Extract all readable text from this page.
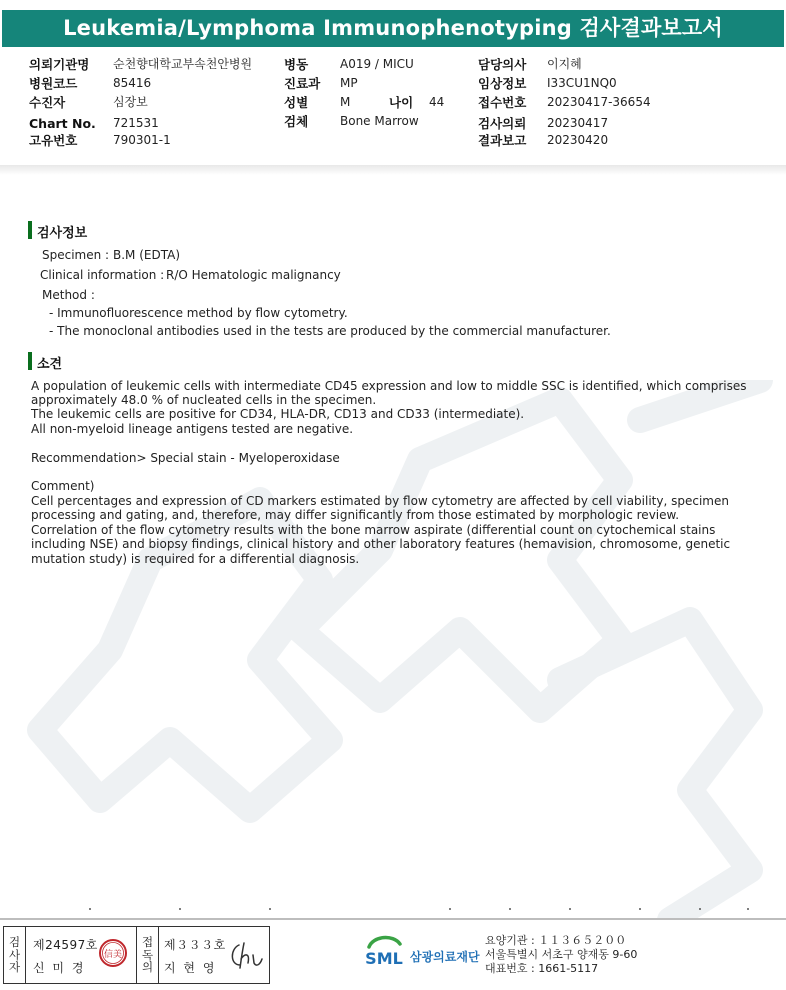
Leukemia/Lymphoma Immunophenotyping 검사결과보고서
의뢰기관명 순천향대학교부속천안병원
병원코드	85416
수진자	심장보
Chart No. 721531
고유번호	790301-1
병동	A019 / MICU
진료과 MP
성별	M	나이 44
검체	Bone Marrow
담당의사 이지혜
임상정보 I33CU1NQ0
접수번호 20230417-36654
검사의뢰 20230417
결과보고 20230420
검사정보
Specimen : B.M (EDTA)
Clinical information : R/O Hematologic malignancy
Method :
- Immunofluorescence method by flow cytometry.
- The monoclonal antibodies used in the tests are produced by the commercial manufacturer.
소견
A population of leukemic cells with intermediate CD45 expression and low to middle SSC is identified, which comprises approximately 48.0 % of nucleated cells in the specimen.
The leukemic cells are positive for CD34, HLA-DR, CD13 and CD33 (intermediate).
All non-myeloid lineage antigens tested are negative.
Recommendation> Special stain - Myeloperoxidase
Comment)
Cell percentages and expression of CD markers estimated by flow cytometry are affected by cell viability, specimen processing and gating, and, therefore, may differ significantly from those estimated by morphologic review.
Correlation of the flow cytometry results with the bone marrow aspirate (differential count on cytochemical stains including NSE) and biopsy findings, clinical history and other laboratory features (hemavision, chromosome, genetic mutation study) is required for a differential diagnosis.
검
사
자
제24597호
신 미 경
信美
접
독
의
제３３３호
지 현 영	SML 삼광의료재단
요양기관 : １１３６５２００
서울특별시 서초구 양재동 9-60
대표번호 : 1661-5117
